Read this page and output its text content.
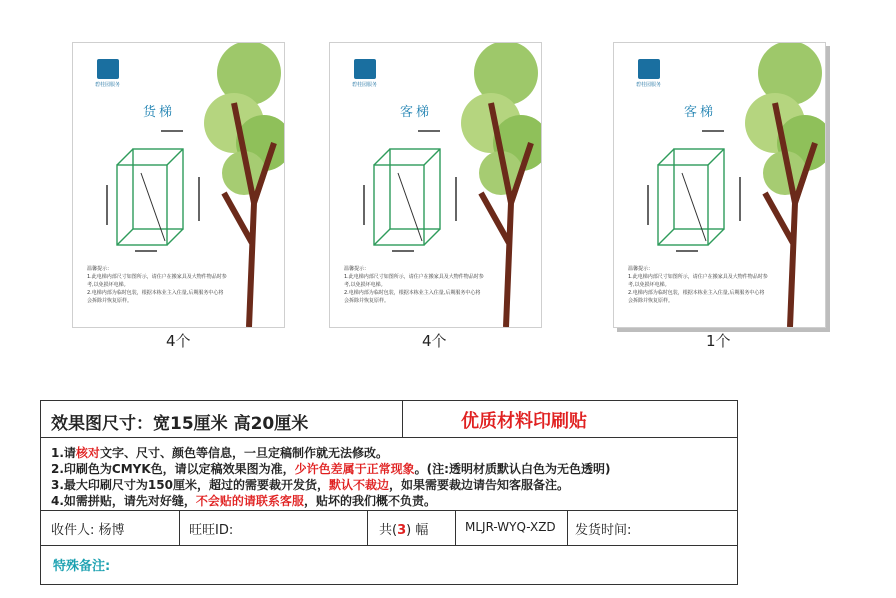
碧桂园服务
货梯
温馨提示：
1.此电梯内部尺寸如图所示，请住户在搬家具及大物件物品时参考,以免损坏电梯。
2.电梯内部为临时包装，根据本栋业主入住量,后期服务中心将会拆除并恢复原样。
4个
碧桂园服务
客梯
温馨提示：
1.此电梯内部尺寸如图所示，请住户在搬家具及大物件物品时参考,以免损坏电梯。
2.电梯内部为临时包装，根据本栋业主入住量,后期服务中心将会拆除并恢复原样。
4个
碧桂园服务
客梯
温馨提示：
1.此电梯内部尺寸如图所示，请住户在搬家具及大物件物品时参考,以免损坏电梯。
2.电梯内部为临时包装，根据本栋业主入住量,后期服务中心将会拆除并恢复原样。
1个
效果图尺寸：宽15厘米 高20厘米	优质材料印刷贴
1.请核对文字、尺寸、颜色等信息，一旦定稿制作就无法修改。
2.印刷色为CMYK色，请以定稿效果图为准，少许色差属于正常现象。(注:透明材质默认白色为无色透明)
3.最大印刷尺寸为150厘米，超过的需要裁开发货，默认不裁边，如果需要裁边请告知客服备注。
4.如需拼贴，请先对好缝，不会贴的请联系客服，贴坏的我们概不负责。
收件人: 杨博	旺旺ID:	共(3) 幅	MLJR-WYQ-XZD 发货时间:
特殊备注:
